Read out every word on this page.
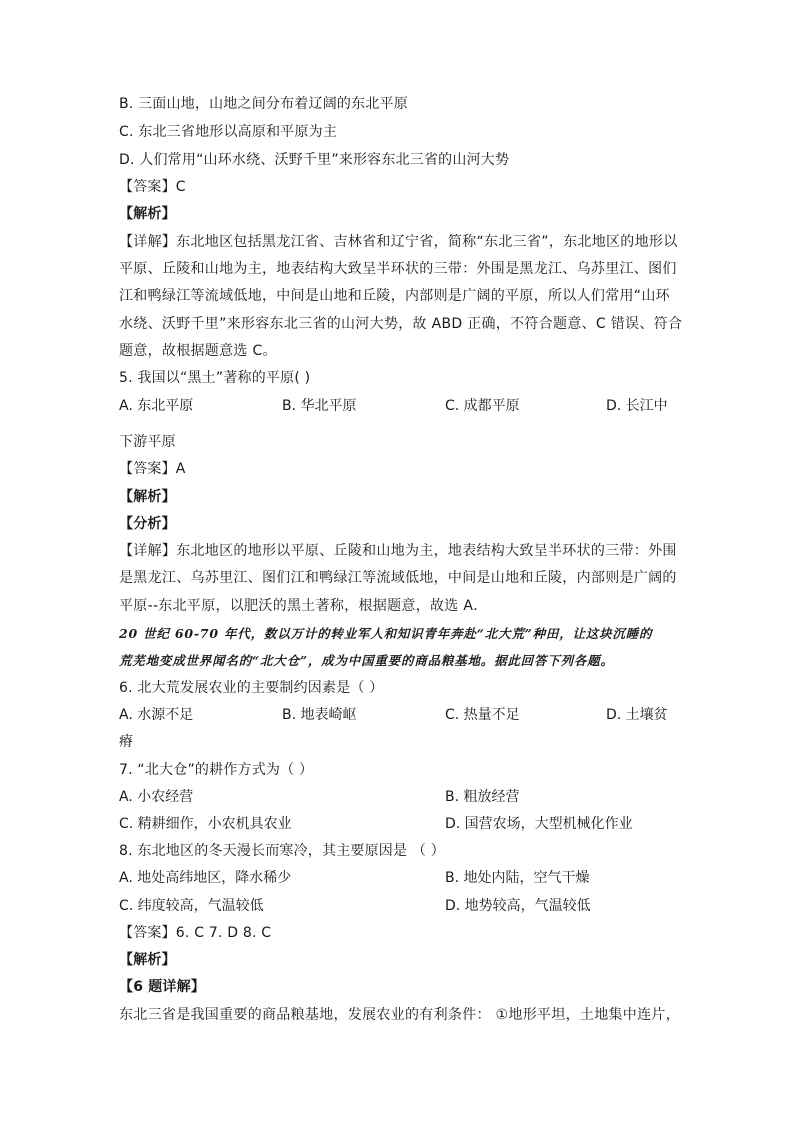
B. 三面山地，山地之间分布着辽阔的东北平原
C. 东北三省地形以高原和平原为主
D. 人们常用“山环水绕、沃野千里”来形容东北三省的山河大势
【答案】C
【解析】
【详解】东北地区包括黑龙江省、吉林省和辽宁省，简称“东北三省”，东北地区的地形以
平原、丘陵和山地为主，地表结构大致呈半环状的三带：外围是黑龙江、乌苏里江、图们
江和鸭绿江等流域低地，中间是山地和丘陵，内部则是广阔的平原，所以人们常用“山环
水绕、沃野千里”来形容东北三省的山河大势，故 ABD 正确，不符合题意、C 错误、符合
题意，故根据题意选 C。
5. 我国以“黑土”著称的平原( )
A. 东北平原	B. 华北平原	C. 成都平原	D. 长江中
下游平原
【答案】A
【解析】
【分析】
【详解】东北地区的地形以平原、丘陵和山地为主，地表结构大致呈半环状的三带：外围
是黑龙江、乌苏里江、图们江和鸭绿江等流域低地，中间是山地和丘陵，内部则是广阔的
平原--东北平原，以肥沃的黑土著称，根据题意，故选 A．
20 世纪 60-70 年代，数以万计的转业军人和知识青年奔赴“北大荒”种田，让这块沉睡的
荒芜地变成世界闻名的“北大仓”，成为中国重要的商品粮基地。据此回答下列各题。
6. 北大荒发展农业的主要制约因素是（ ）
A. 水源不足	B. 地表崎岖	C. 热量不足	D. 土壤贫
瘠
7. “北大仓”的耕作方式为（ ）
A. 小农经营	B. 粗放经营
C. 精耕细作，小农机具农业	D. 国营农场，大型机械化作业
8. 东北地区的冬天漫长而寒冷，其主要原因是 （ ）
A. 地处高纬地区，降水稀少	B. 地处内陆，空气干燥
C. 纬度较高，气温较低	D. 地势较高，气温较低
【答案】6. C 7. D 8. C
【解析】
【6 题详解】
东北三省是我国重要的商品粮基地，发展农业的有利条件： ①地形平坦，土地集中连片，
